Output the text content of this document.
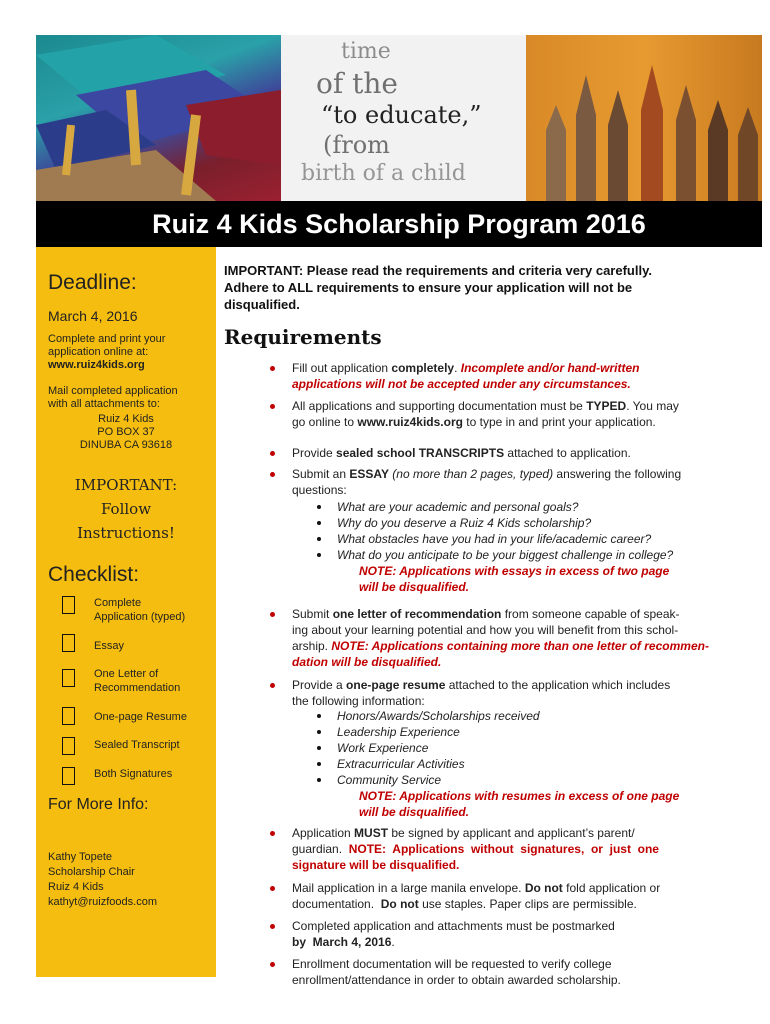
time
of the
“to educate,”
(from
birth of a child
Ruiz 4 Kids Scholarship Program 2016
Deadline:
March 4, 2016
Complete and print your
application online at:
www.ruiz4kids.org
Mail completed application
with all attachments to:
Ruiz 4 Kids
PO BOX 37
DINUBA CA 93618
IMPORTANT:
Follow
Instructions!
Checklist:
Complete
Application (typed)
Essay
One Letter of
Recommendation
One-page Resume
Sealed Transcript
Both Signatures
For More Info:
Kathy Topete
Scholarship Chair
Ruiz 4 Kids
kathyt@ruizfoods.com
IMPORTANT: Please read the requirements and criteria very carefully.
Adhere to ALL requirements to ensure your application will not be
disqualified.
Requirements
Fill out application completely. Incomplete and/or hand-written
applications will not be accepted under any circumstances.
All applications and supporting documentation must be TYPED. You may
go online to www.ruiz4kids.org to type in and print your application.
Provide sealed school TRANSCRIPTS attached to application.
Submit an ESSAY (no more than 2 pages, typed) answering the following
questions:
What are your academic and personal goals?
Why do you deserve a Ruiz 4 Kids scholarship?
What obstacles have you had in your life/academic career?
What do you anticipate to be your biggest challenge in college?
NOTE: Applications with essays in excess of two page
will be disqualified.
Submit one letter of recommendation from someone capable of speak-
ing about your learning potential and how you will benefit from this schol-
arship. NOTE: Applications containing more than one letter of recommen-
dation will be disqualified.
Provide a one-page resume attached to the application which includes
the following information:
Honors/Awards/Scholarships received
Leadership Experience
Work Experience
Extracurricular Activities
Community Service
NOTE: Applications with resumes in excess of one page
will be disqualified.
Application MUST be signed by applicant and applicant’s parent/
guardian.  NOTE:  Applications  without  signatures,  or  just  one
signature will be disqualified.
Mail application in a large manila envelope. Do not fold application or
documentation.  Do not use staples. Paper clips are permissible.
Completed application and attachments must be postmarked
by  March 4, 2016.
Enrollment documentation will be requested to verify college
enrollment/attendance in order to obtain awarded scholarship.
